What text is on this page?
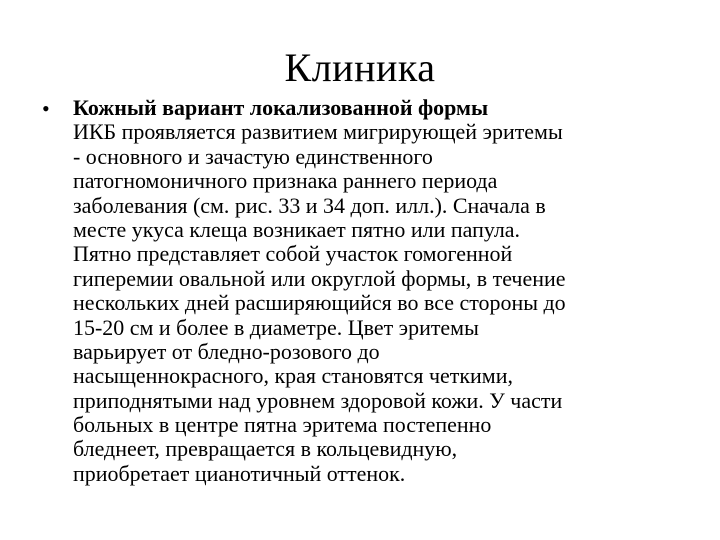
Клиника
• Кожный вариант локализованной формы
ИКБ проявляется развитием мигрирующей эритемы
- основного и зачастую единственного
патогномоничного признака раннего периода
заболевания (см. рис. 33 и 34 доп. илл.). Сначала в
месте укуса клеща возникает пятно или папула.
Пятно представляет собой участок гомогенной
гиперемии овальной или округлой формы, в течение
нескольких дней расширяющийся во все стороны до
15-20 см и более в диаметре. Цвет эритемы
варьирует от бледно-розового до
насыщеннокрасного, края становятся четкими,
приподнятыми над уровнем здоровой кожи. У части
больных в центре пятна эритема постепенно
бледнеет, превращается в кольцевидную,
приобретает цианотичный оттенок.
